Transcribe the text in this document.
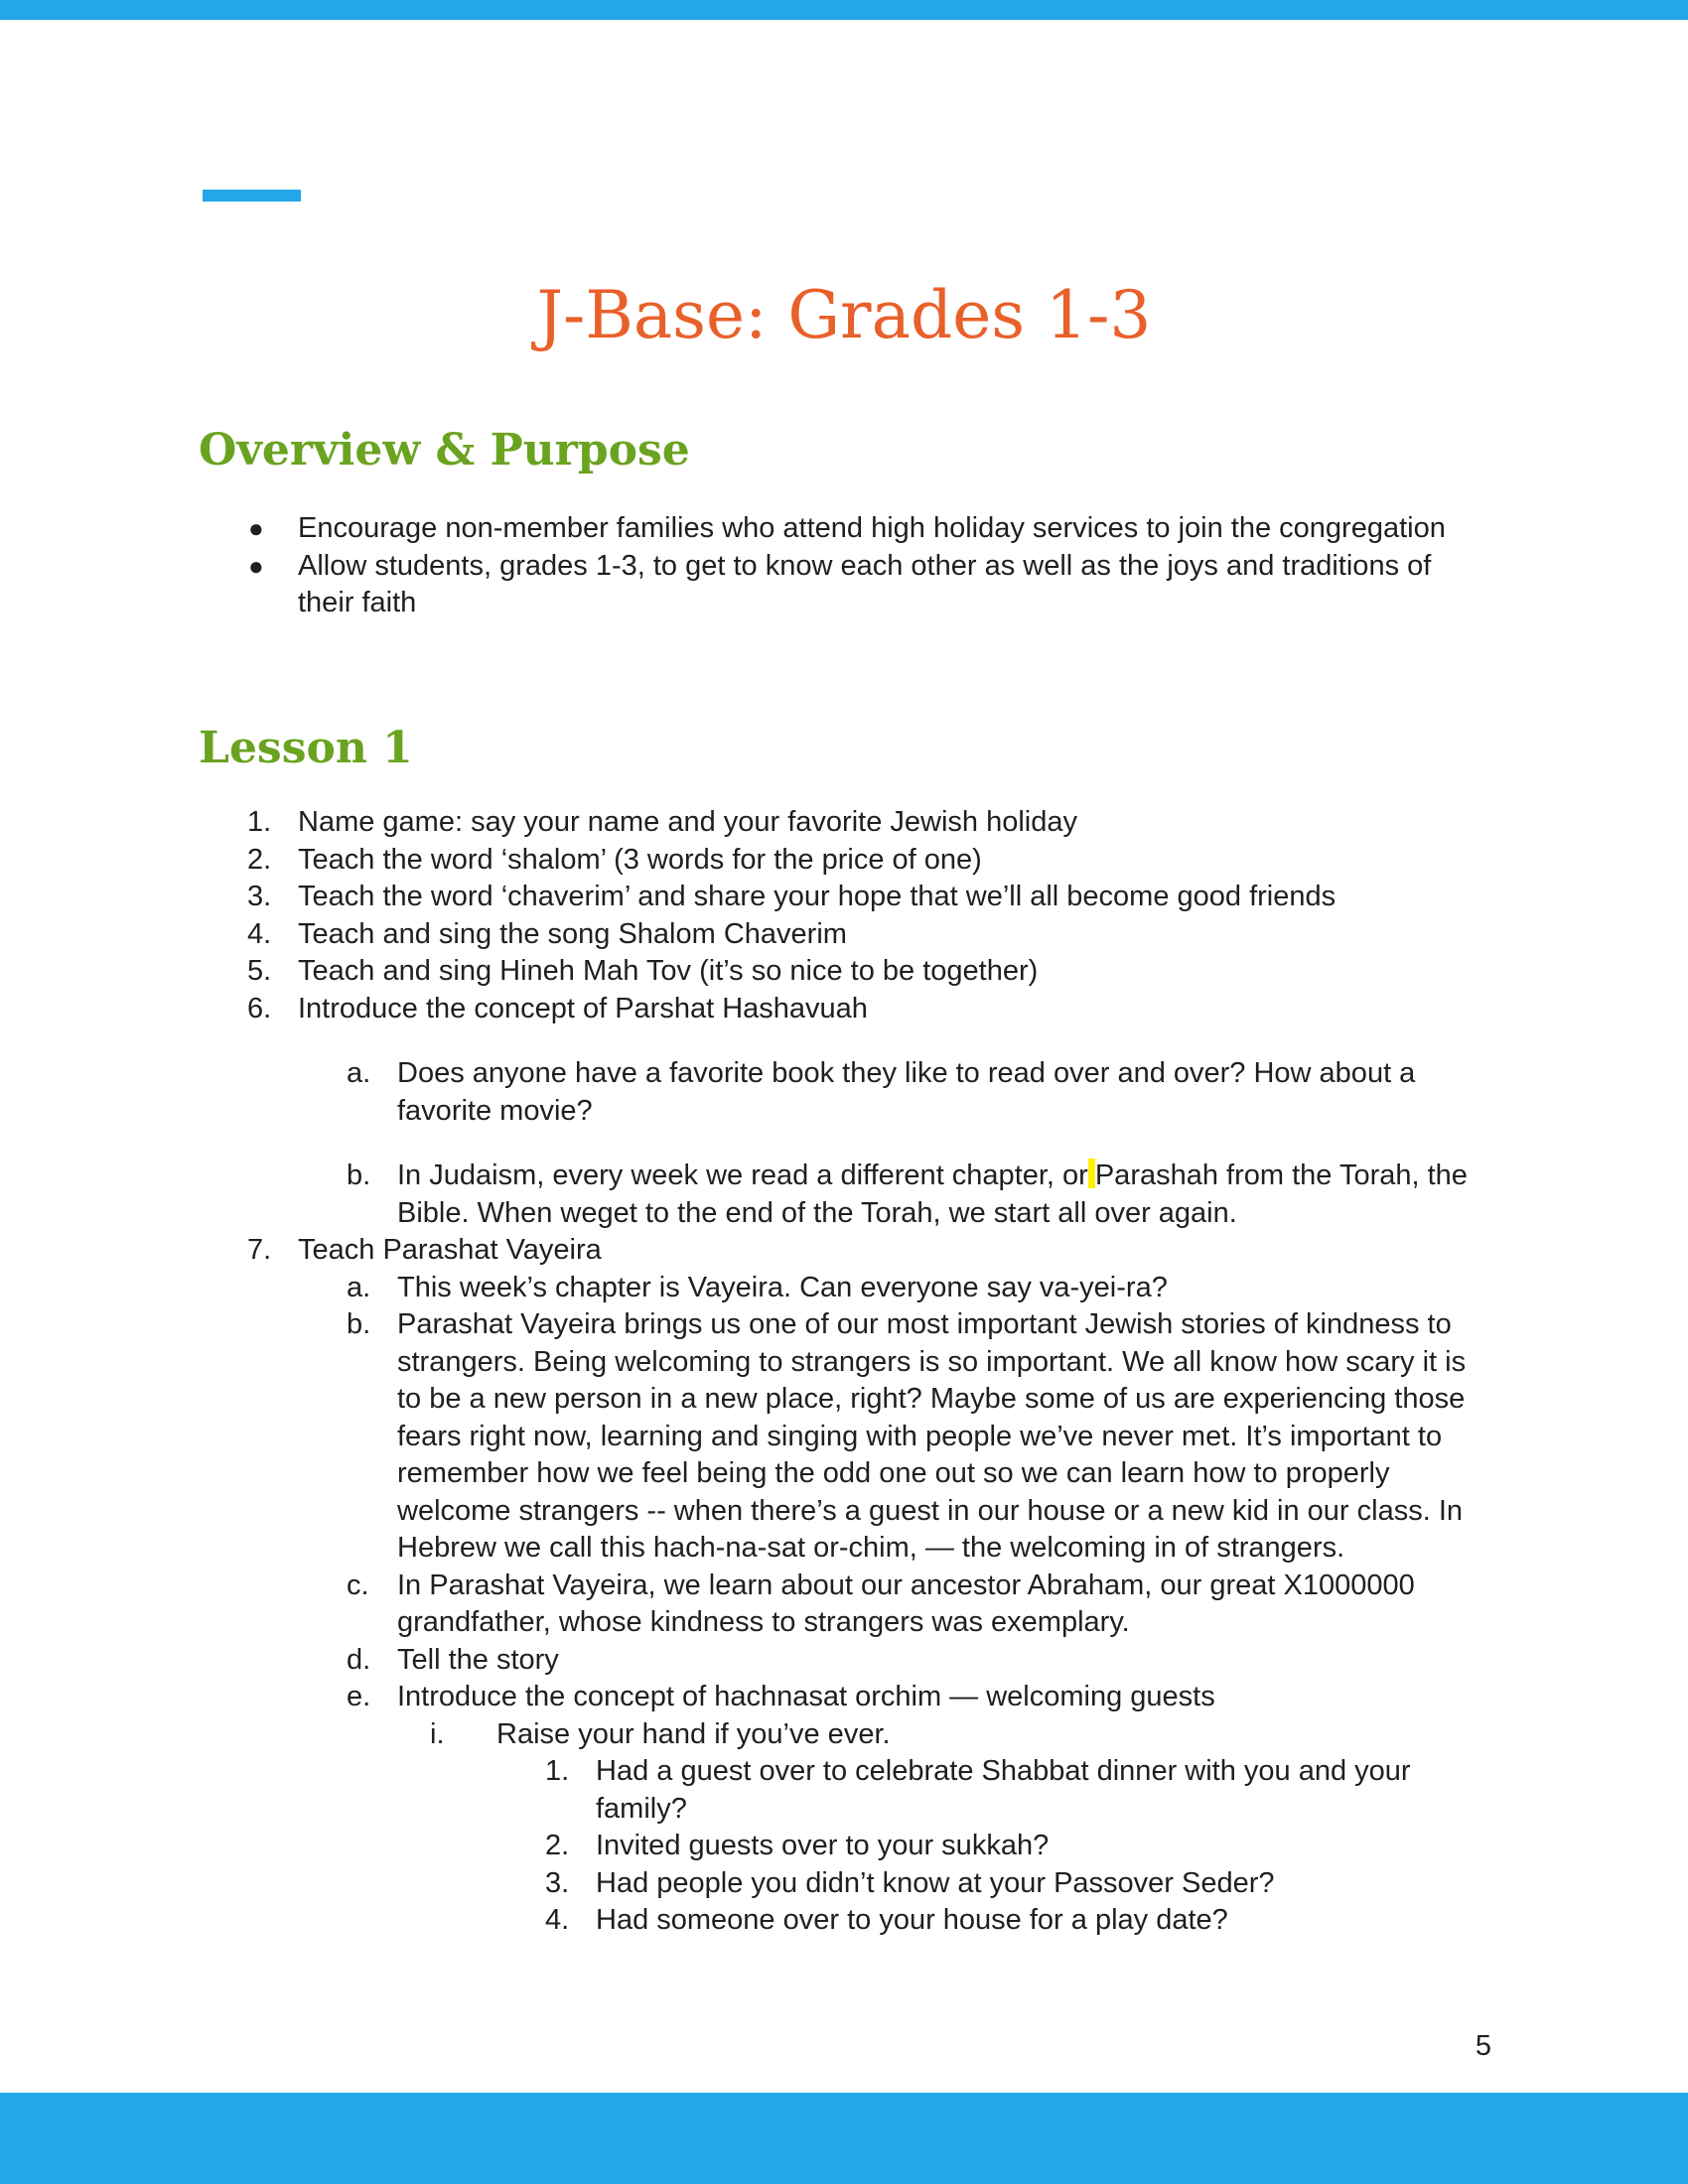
J-Base: Grades 1-3
Overview & Purpose
● Encourage non-member families who attend high holiday services to join the congregation
● Allow students, grades 1-3, to get to know each other as well as the joys and traditions of their faith
Lesson 1
1. Name game: say your name and your favorite Jewish holiday
2. Teach the word ‘shalom’ (3 words for the price of one)
3. Teach the word ‘chaverim’ and share your hope that we’ll all become good friends
4. Teach and sing the song Shalom Chaverim
5. Teach and sing Hineh Mah Tov (it’s so nice to be together)
6. Introduce the concept of Parshat Hashavuah
a. Does anyone have a favorite book they like to read over and over? How about a favorite movie?
b. In Judaism, every week we read a different chapter, or Parashah from the Torah, the Bible. When weget to the end of the Torah, we start all over again.
7. Teach Parashat Vayeira
a. This week’s chapter is Vayeira. Can everyone say va-yei-ra?
b. Parashat Vayeira brings us one of our most important Jewish stories of kindness to strangers. Being welcoming to strangers is so important. We all know how scary it is to be a new person in a new place, right? Maybe some of us are experiencing those fears right now, learning and singing with people we’ve never met. It’s important to remember how we feel being the odd one out so we can learn how to properly welcome strangers -- when there’s a guest in our house or a new kid in our class. In Hebrew we call this hach-na-sat or-chim, — the welcoming in of strangers.
c. In Parashat Vayeira, we learn about our ancestor Abraham, our great X1000000 grandfather, whose kindness to strangers was exemplary.
d. Tell the story
e. Introduce the concept of hachnasat orchim — welcoming guests
i. Raise your hand if you’ve ever.
1. Had a guest over to celebrate Shabbat dinner with you and your family?
2. Invited guests over to your sukkah?
3. Had people you didn’t know at your Passover Seder?
4. Had someone over to your house for a play date?
5
